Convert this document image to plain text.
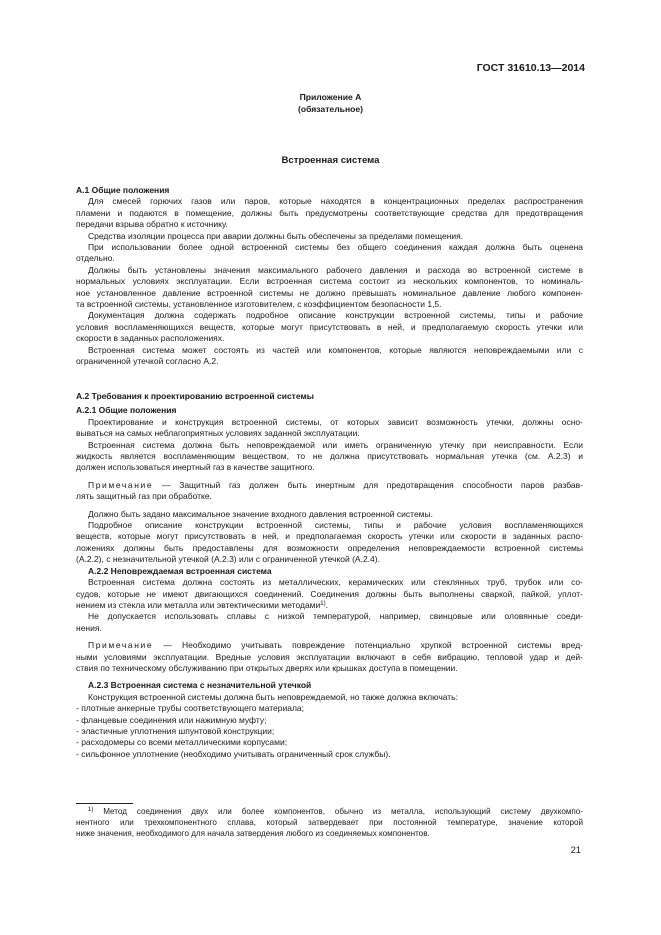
ГОСТ 31610.13—2014
Приложение А
(обязательное)
Встроенная система
А.1 Общие положения
Для смесей горючих газов или паров, которые находятся в концентрационных пределах распространения
пламени и подаются в помещение, должны быть предусмотрены соответствующие средства для предотвращения
передачи взрыва обратно к источнику.
Средства изоляции процесса при аварии должны быть обеспечены за пределами помещения.
При использовании более одной встроенной системы без общего соединения каждая должна быть оценена
отдельно.
Должны быть установлены значения максимального рабочего давления и расхода во встроенной системе в
нормальных условиях эксплуатации. Если встроенная система состоит из нескольких компонентов, то номиналь-
ное установленное давление встроенной системы не должно превышать номинальное давление любого компонен-
та встроенной системы, установленное изготовителем, с коэффициентом безопасности 1,5.
Документация должна содержать подробное описание конструкции встроенной системы, типы и рабочие
условия воспламеняющихся веществ, которые могут присутствовать в ней, и предполагаемую скорость утечки или
скорости в заданных расположениях.
Встроенная система может состоять из частей или компонентов, которые являются неповреждаемыми или с
ограниченной утечкой согласно А.2.
А.2 Требования к проектированию встроенной системы
А.2.1 Общие положения
Проектирование и конструкция встроенной системы, от которых зависит возможность утечки, должны осно-
вываться на самых неблагоприятных условиях заданной эксплуатации.
Встроенная система должна быть неповреждаемой или иметь ограниченную утечку при неисправности. Если
жидкость является воспламеняющим веществом, то не должна присутствовать нормальная утечка (см. А.2.3) и
должен использоваться инертный газ в качестве защитного.
Примечание — Защитный газ должен быть инертным для предотвращения способности паров разбав-
лять защитный газ при обработке.
Должно быть задано максимальное значение входного давления встроенной системы.
Подробное описание конструкции встроенной системы, типы и рабочие условия воспламеняющихся
веществ, которые могут присутствовать в ней, и предполагаемая скорость утечки или скорости в заданных распо-
ложениях должны быть предоставлены для возможности определения неповреждаемости встроенной системы
(А.2.2), с незначительной утечкой (А.2.3) или с ограниченной утечкой (А.2.4).
А.2.2 Неповреждаемая встроенная система
Встроенная система должна состоять из металлических, керамических или стеклянных труб, трубок или со-
судов, которые не имеют двигающихся соединений. Соединения должны быть выполнены сваркой, пайкой, уплот-
нением из стекла или металла или эвтектическими методами$^{1)}$.
Не допускается использовать сплавы с низкой температурой, например, свинцовые или оловянные соеди-
нения.
Примечание — Необходимо учитывать повреждение потенциально хрупкой встроенной системы вред-
ными условиями эксплуатации. Вредные условия эксплуатации включают в себя вибрацию, тепловой удар и дей-
ствия по техническому обслуживанию при открытых дверях или крышках доступа в помещении.
А.2.3 Встроенная система с незначительной утечкой
Конструкция встроенной системы должна быть неповреждаемой, но также должна включать:
- плотные анкерные трубы соответствующего материала;
- фланцевые соединения или нажимную муфту;
- эластичные уплотнения шпунтовой конструкции;
- расходомеры со всеми металлическими корпусами;
- сильфонное уплотнение (необходимо учитывать ограниченный срок службы).
$^{1)}$ Метод соединения двух или более компонентов, обычно из металла, использующий систему двухкомпо-
нентного или трехкомпонентного сплава, который затвердевает при постоянной температуре, значение которой
ниже значения, необходимого для начала затвердения любого из соединяемых компонентов.
21
